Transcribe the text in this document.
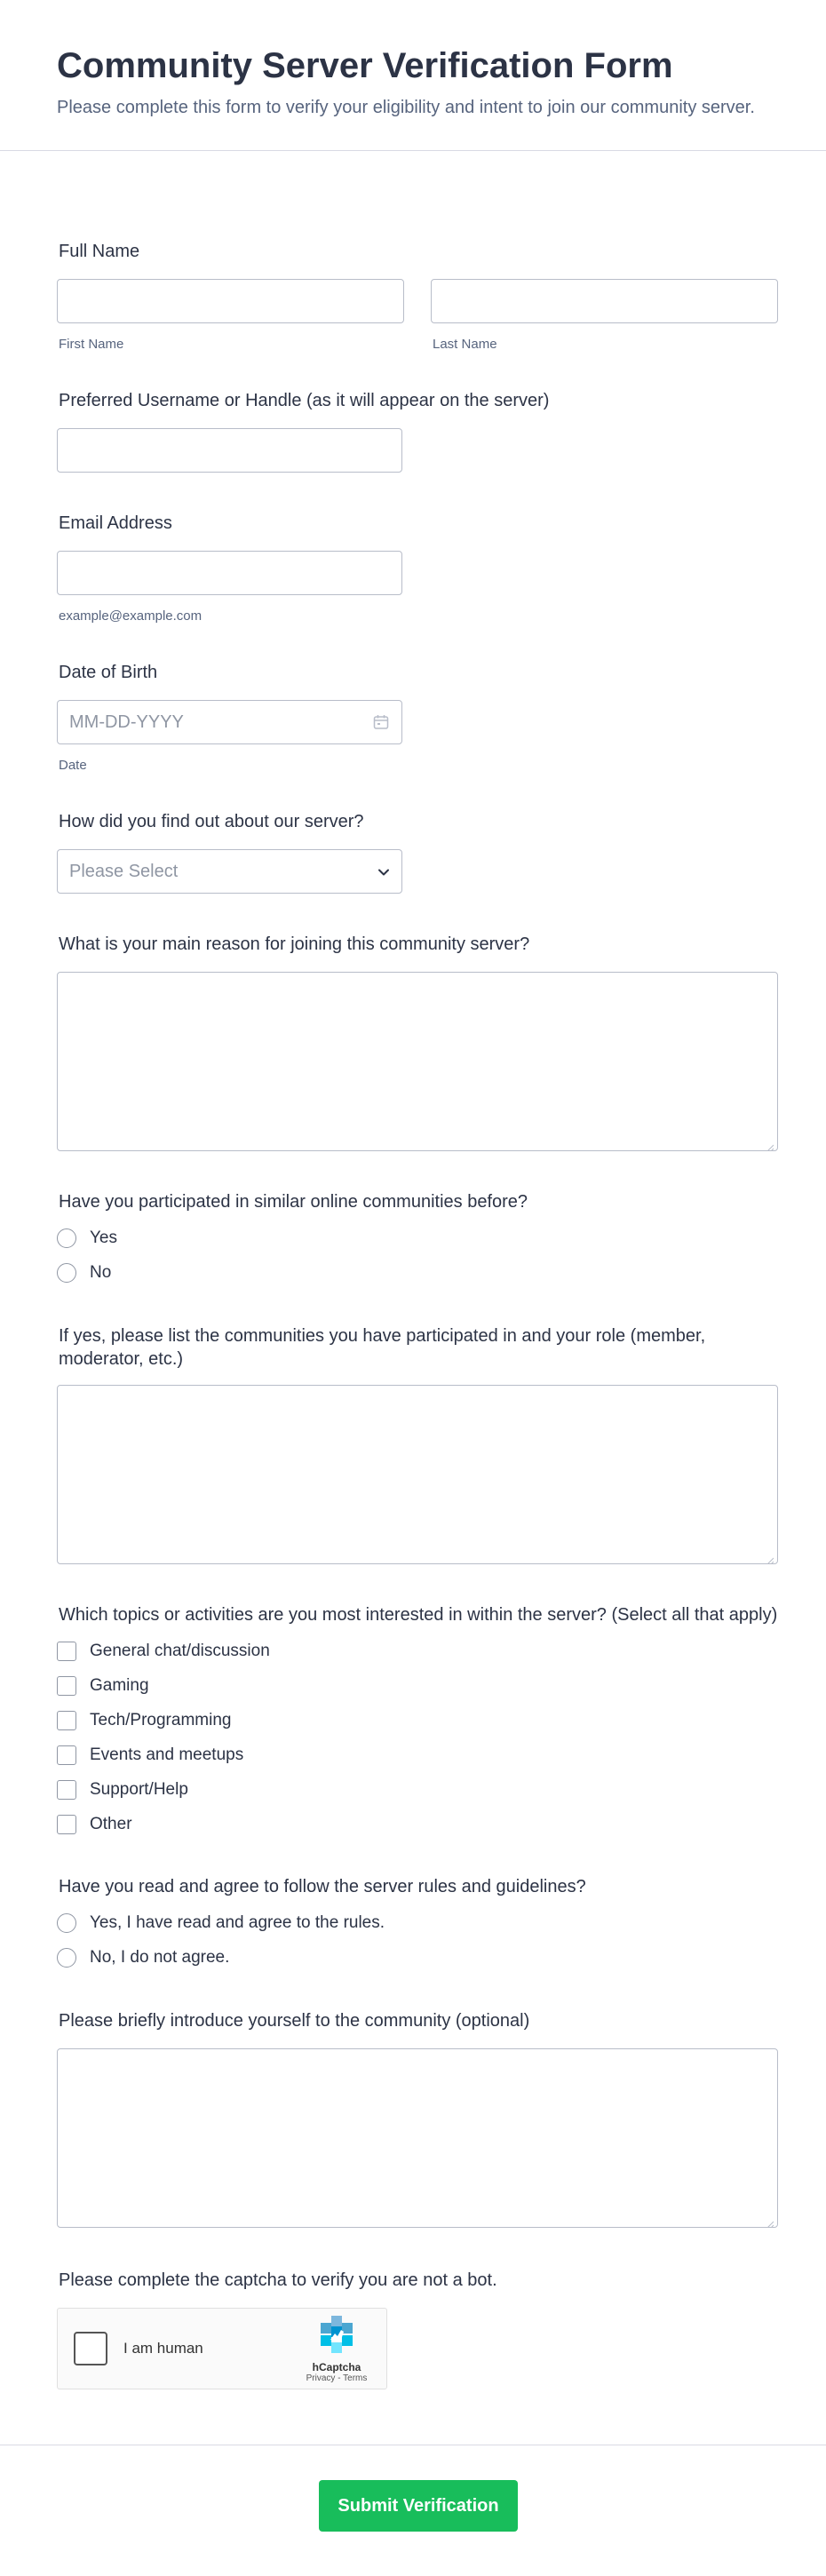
Community Server Verification Form
Please complete this form to verify your eligibility and intent to join our community server.
Full Name
First Name	Last Name
Preferred Username or Handle (as it will appear on the server)
Email Address
example@example.com
Date of Birth
MM-DD-YYYY
Date
How did you find out about our server?
Please Select
What is your main reason for joining this community server?
Have you participated in similar online communities before?
Yes
No
If yes, please list the communities you have participated in and your role (member, moderator, etc.)
Which topics or activities are you most interested in within the server? (Select all that apply)
General chat/discussion
Gaming
Tech/Programming
Events and meetups
Support/Help
Other
Have you read and agree to follow the server rules and guidelines?
Yes, I have read and agree to the rules.
No, I do not agree.
Please briefly introduce yourself to the community (optional)
Please complete the captcha to verify you are not a bot.
I am human
hCaptcha
Privacy - Terms
Submit Verification
